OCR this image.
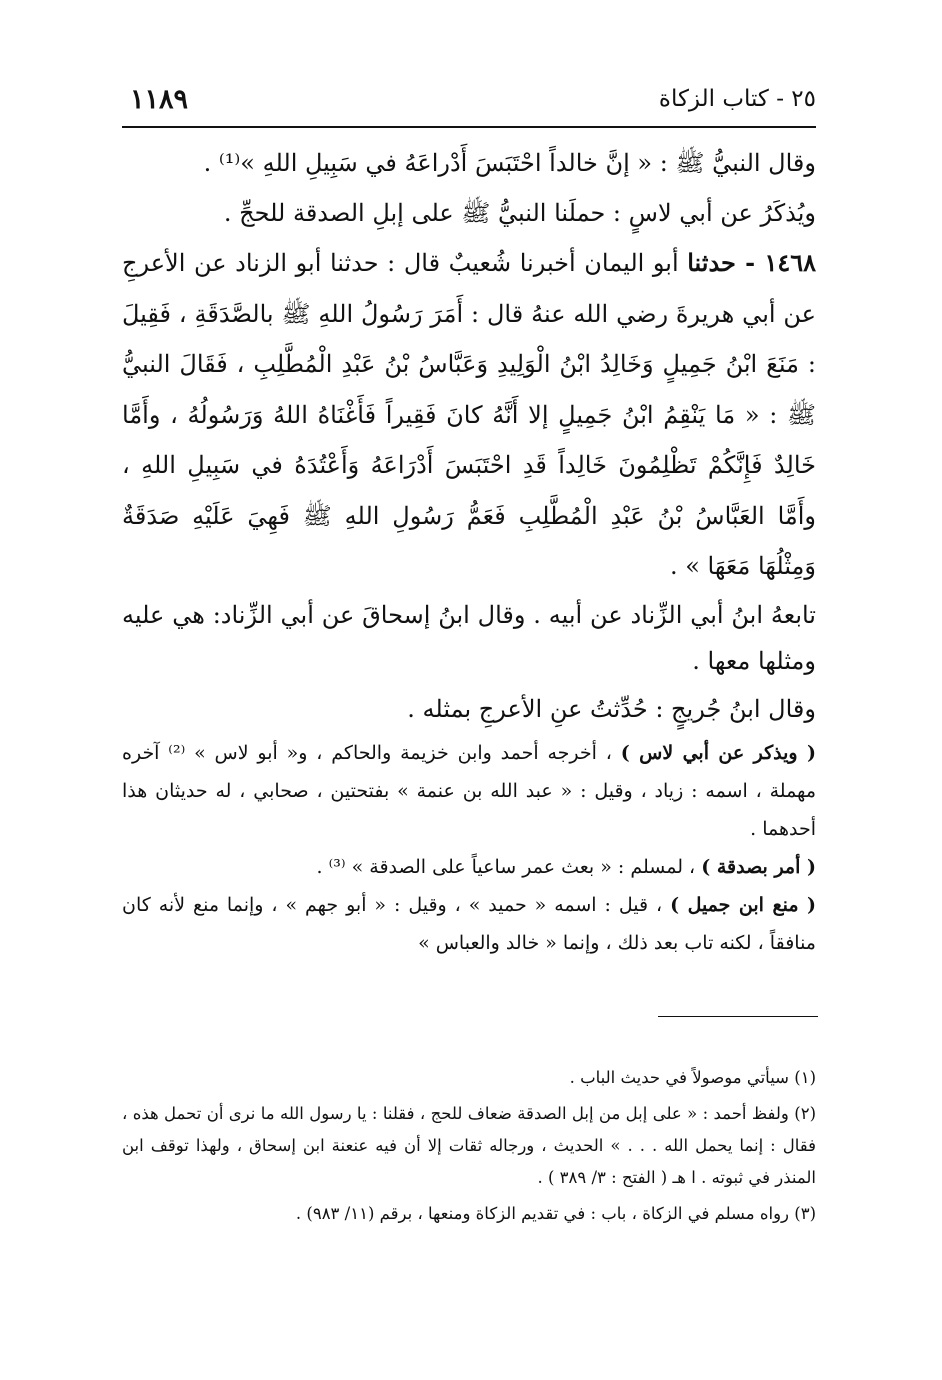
١١٨٩	٢٥ - كتاب الزكاة

وقال النبيُّ ﷺ : « إنَّ خالداً احْتَبَسَ أَدْراعَهُ في سَبِيلِ اللهِ »⁽¹⁾ .

ويُذكَرُ عن أبي لاسٍ : حملَنا النبيُّ ﷺ على إبلِ الصدقة للحجِّ .

١٤٦٨ - حدثنا أبو اليمان أخبرنا شُعيبٌ قال : حدثنا أبو الزناد عن الأعرجِ عن أبي هريرةَ رضي الله عنهُ قال : أَمَرَ رَسُولُ اللهِ ﷺ بالصَّدَقَةِ ، فَقِيلَ : مَنَعَ ابْنُ جَمِيلٍ وَخَالِدُ ابْنُ الْوَلِيدِ وَعَبَّاسُ بْنُ عَبْدِ الْمُطَّلِبِ ، فَقَالَ النبيُّ ﷺ : « مَا يَنْقِمُ ابْنُ جَمِيلٍ إلا أَنَّهُ كانَ فَقِيراً فَأَغْنَاهُ اللهُ وَرَسُولُهُ ، وأَمَّا خَالِدٌ فَإِنَّكُمْ تَظْلِمُونَ خَالِداً قَدِ احْتَبَسَ أَدْرَاعَهُ وَأَعْتُدَهُ في سَبِيلِ اللهِ ، وأَمَّا العَبَّاسُ بْنُ عَبْدِ الْمُطَّلِبِ فَعَمُّ رَسُولِ اللهِ ﷺ فَهِيَ عَلَيْهِ صَدَقَةٌ وَمِثْلُهَا مَعَهَا » .

تابعهُ ابنُ أبي الزِّناد عن أبيه . وقال ابنُ إسحاقَ عن أبي الزِّناد: هي عليه ومثلها معها .

وقال ابنُ جُريجٍ : حُدِّثتُ عنِ الأعرجِ بمثله .

( ويذكر عن أبي لاس ) ، أخرجه أحمد وابن خزيمة والحاكم ، و« أبو لاس » ⁽²⁾ آخره مهملة ، اسمه : زياد ، وقيل : « عبد الله بن عنمة » بفتحتين ، صحابي ، له حديثان هذا أحدهما .

( أمر بصدقة ) ، لمسلم : « بعث عمر ساعياً على الصدقة » ⁽³⁾ .

( منع ابن جميل ) ، قيل : اسمه « حميد » ، وقيل : « أبو جهم » ، وإنما منع لأنه كان منافقاً ، لكنه تاب بعد ذلك ، وإنما « خالد والعباس »

(١) سيأتي موصولاً في حديث الباب .

(٢) ولفظ أحمد : « على إبل من إبل الصدقة ضعاف للحج ، فقلنا : يا رسول الله ما نرى أن تحمل هذه ، فقال : إنما يحمل الله . . . » الحديث ، ورجاله ثقات إلا أن فيه عنعنة ابن إسحاق ، ولهذا توقف ابن المنذر في ثبوته . ا هـ ( الفتح : ٣/ ٣٨٩ ) .

(٣) رواه مسلم في الزكاة ، باب : في تقديم الزكاة ومنعها ، برقم (١١/ ٩٨٣) .
